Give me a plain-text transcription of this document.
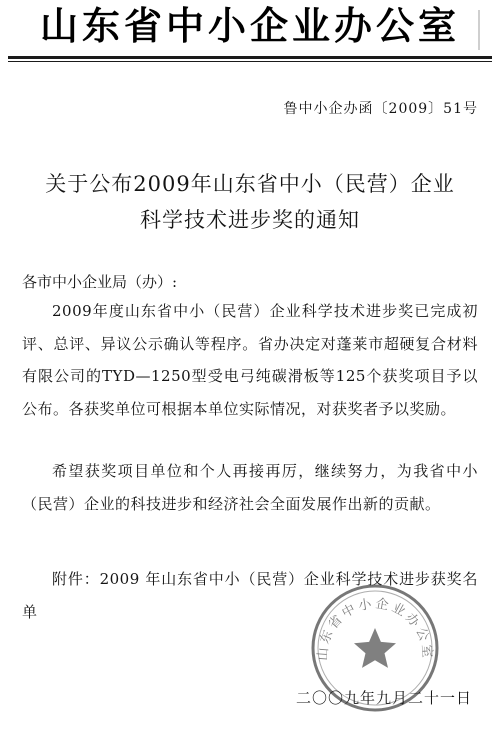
山东省中小企业办公室
鲁中小企办函〔2009〕51号
关于公布2009年山东省中小（民营）企业
科学技术进步奖的通知
各市中小企业局（办）:
2009年度山东省中小（民营）企业科学技术进步奖已完成初评、总评、异议公示确认等程序。省办决定对蓬莱市超硬复合材料有限公司的TYD—1250型受电弓纯碳滑板等125个获奖项目予以公布。各获奖单位可根据本单位实际情况，对获奖者予以奖励。
希望获奖项目单位和个人再接再厉，继续努力，为我省中小（民营）企业的科技进步和经济社会全面发展作出新的贡献。
附件：2009 年山东省中小（民营）企业科学技术进步获奖名单
山东省中小企业办公室
二〇〇九年九月二十一日
